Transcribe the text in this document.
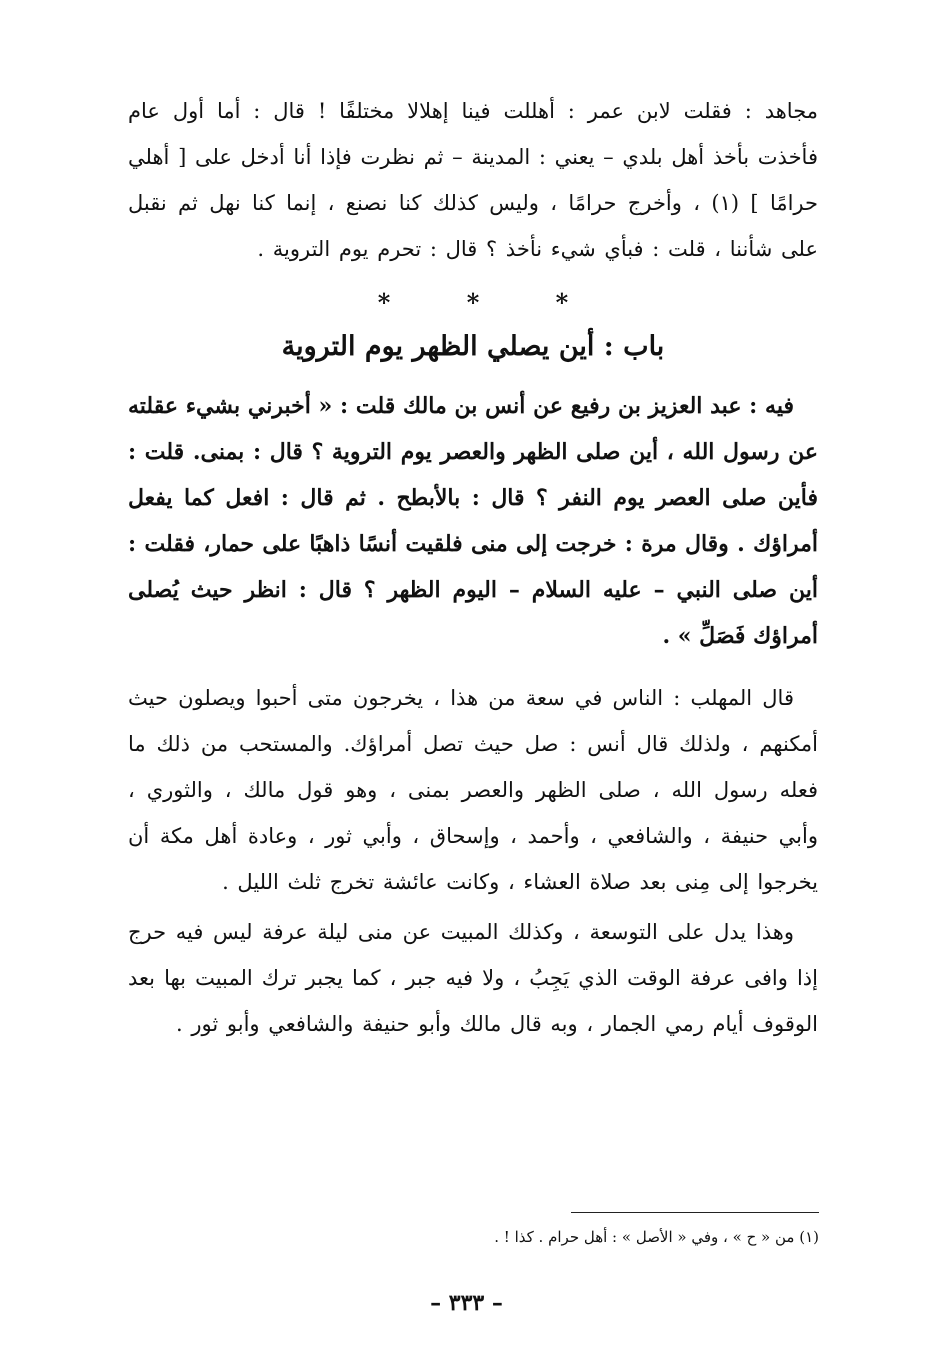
مجاهد : فقلت لابن عمر : أهللت فينا إهلالا مختلفًا ! قال : أما أول عام فأخذت بأخذ أهل بلدي – يعني : المدينة – ثم نظرت فإذا أنا أدخل على [ أهلي حرامًا ] (١) ، وأخرج حرامًا ، وليس كذلك كنا نصنع ، إنما كنا نهل ثم نقبل على شأننا ، قلت : فبأي شيء نأخذ ؟ قال : تحرم يوم التروية .

* * *
باب : أين يصلي الظهر يوم التروية

فيه : عبد العزيز بن رفيع عن أنس بن مالك قلت : « أخبرني بشيء عقلته عن رسول الله ، أين صلى الظهر والعصر يوم التروية ؟ قال : بمنى. قلت : فأين صلى العصر يوم النفر ؟ قال : بالأبطح . ثم قال : افعل كما يفعل أمراؤك . وقال مرة : خرجت إلى منى فلقيت أنسًا ذاهبًا على حمار، فقلت : أين صلى النبي – عليه السلام – اليوم الظهر ؟ قال : انظر حيث يُصلى أمراؤك فَصَلِّ » .

قال المهلب : الناس في سعة من هذا ، يخرجون متى أحبوا ويصلون حيث أمكنهم ، ولذلك قال أنس : صل حيث تصل أمراؤك. والمستحب من ذلك ما فعله رسول الله ، صلى الظهر والعصر بمنى ، وهو قول مالك ، والثوري ، وأبي حنيفة ، والشافعي ، وأحمد ، وإسحاق ، وأبي ثور ، وعادة أهل مكة أن يخرجوا إلى مِنى بعد صلاة العشاء ، وكانت عائشة تخرج ثلث الليل .

وهذا يدل على التوسعة ، وكذلك المبيت عن منى ليلة عرفة ليس فيه حرج إذا وافى عرفة الوقت الذي يَجِبُ ، ولا فيه جبر ، كما يجبر ترك المبيت بها بعد الوقوف أيام رمي الجمار ، وبه قال مالك وأبو حنيفة والشافعي وأبو ثور .

(١) من « ح » ، وفي « الأصل » : أهل حرام . كذا ! .
– ٣٣٣ –
